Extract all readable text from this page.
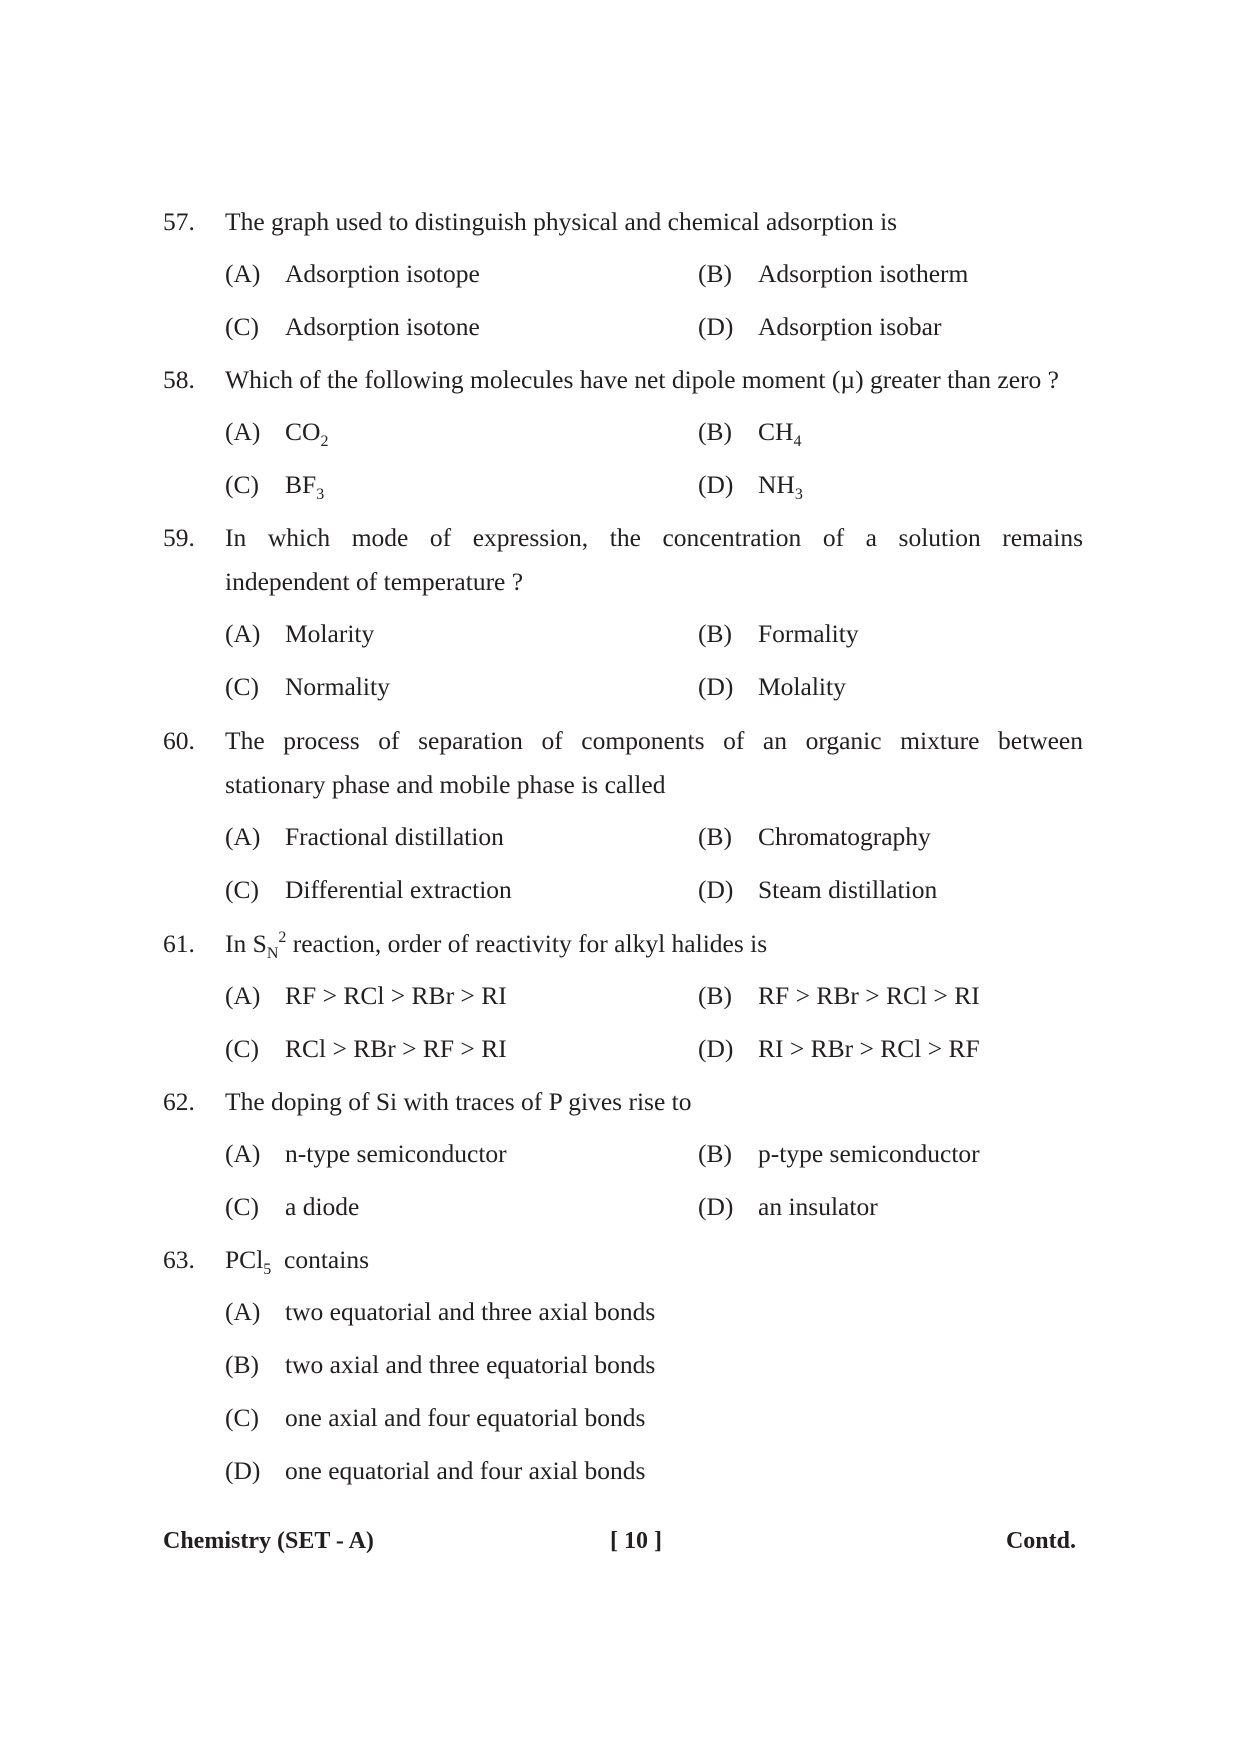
57. The graph used to distinguish physical and chemical adsorption is
(A) Adsorption isotope	(B) Adsorption isotherm
(C) Adsorption isotone	(D) Adsorption isobar
58. Which of the following molecules have net dipole moment (µ) greater than zero ?
(A) $CO_2$	(B) $CH_4$
(C) $BF_3$	(D) $NH_3$
59. In which mode of expression, the concentration of a solution remains
independent of temperature ?
(A) Molarity	(B) Formality
(C) Normality	(D) Molality
60. The process of separation of components of an organic mixture between
stationary phase and mobile phase is called
(A) Fractional distillation	(B) Chromatography
(C) Differential extraction	(D) Steam distillation
61. In $S_N^2$ reaction, order of reactivity for alkyl halides is
(A) RF > RCl > RBr > RI	(B) RF > RBr > RCl > RI
(C) RCl > RBr > RF > RI	(D) RI > RBr > RCl > RF
62. The doping of Si with traces of P gives rise to
(A) n-type semiconductor	(B) p-type semiconductor
(C) a diode	(D) an insulator
63. PCl$_5$  contains
(A) two equatorial and three axial bonds
(B) two axial and three equatorial bonds
(C) one axial and four equatorial bonds
(D) one equatorial and four axial bonds
Chemistry (SET - A)	[ 10 ]	Contd.
